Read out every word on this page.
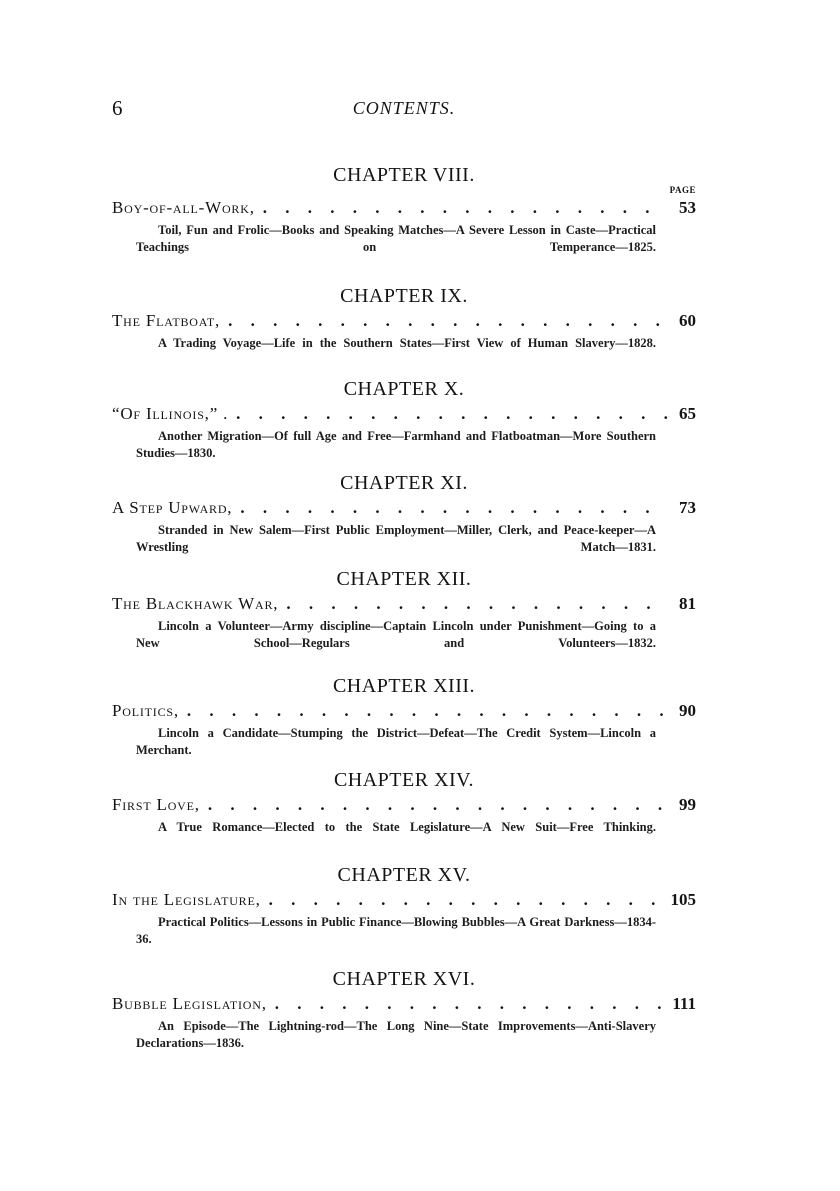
6	CONTENTS.
CHAPTER VIII.
PAGE
Boy-of-all-Work, . . .	53
Toil, Fun and Frolic—Books and Speaking Matches—A Severe Lesson in Caste—Practical Teachings on Temperance—1825.
CHAPTER IX.
The Flatboat, . . .	60
A Trading Voyage—Life in the Southern States—First View of Human Slavery—1828.
CHAPTER X.
“Of Illinois,” . . . .	65
Another Migration—Of full Age and Free—Farmhand and Flatboatman—More Southern Studies—1830.
CHAPTER XI.
A Step Upward, . . .	73
Stranded in New Salem—First Public Employment—Miller, Clerk, and Peace-keeper—A Wrestling Match—1831.
CHAPTER XII.
The Blackhawk War, . . .	81
Lincoln a Volunteer—Army discipline—Captain Lincoln under Punishment—Going to a New School—Regulars and Volunteers—1832.
CHAPTER XIII.
Politics, . . .	90
Lincoln a Candidate—Stumping the District—Defeat—The Credit System—Lincoln a Merchant.
CHAPTER XIV.
First Love, . . .	99
A True Romance—Elected to the State Legislature—A New Suit—Free Thinking.
CHAPTER XV.
In the Legislature, . . .	105
Practical Politics—Lessons in Public Finance—Blowing Bubbles—A Great Darkness—1834-36.
CHAPTER XVI.
Bubble Legislation, . . .	111
An Episode—The Lightning-rod—The Long Nine—State Improvements—Anti-Slavery Declarations—1836.
